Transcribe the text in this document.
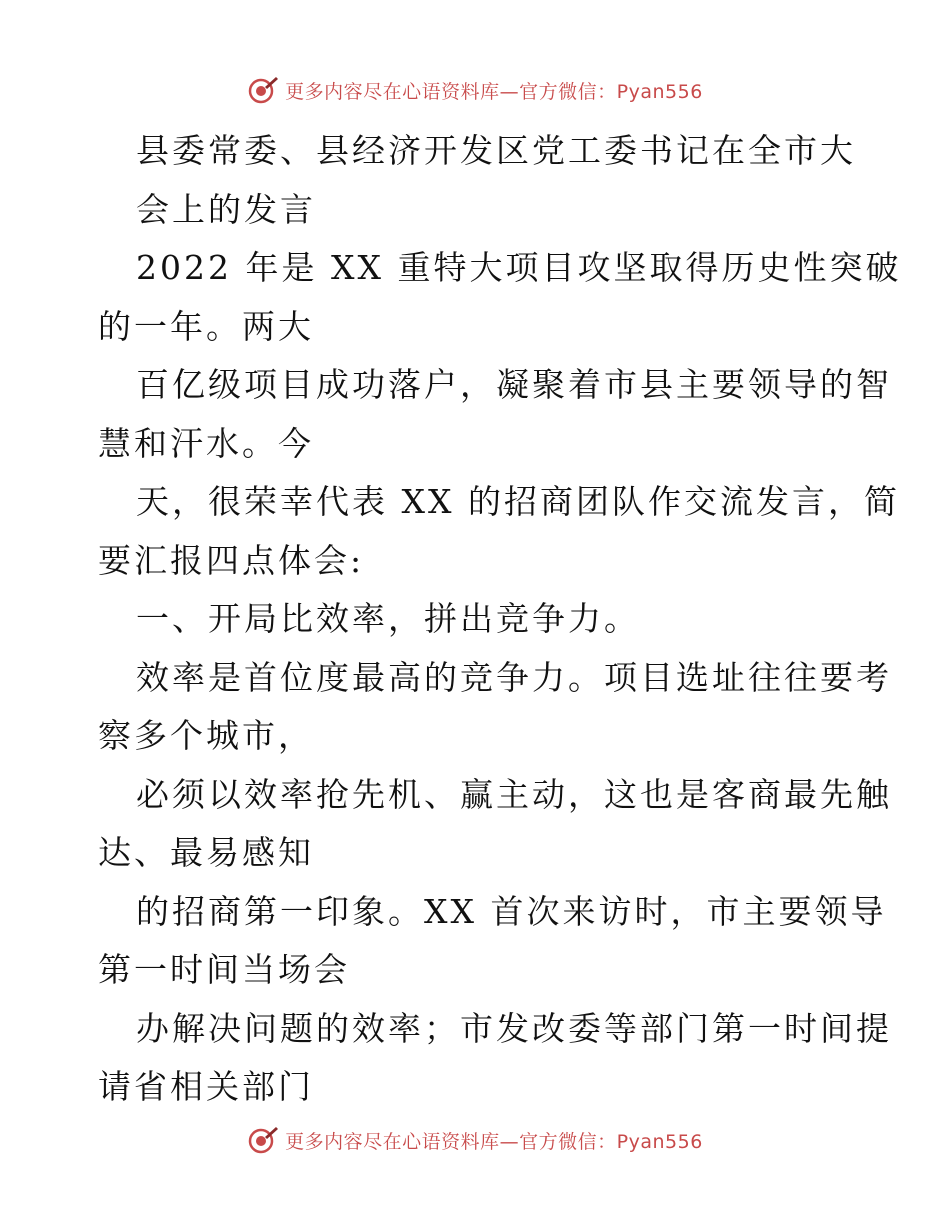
更多内容尽在心语资料库—官方微信：Pyan556
县委常委、县经济开发区党工委书记在全市大
会上的发言
2022 年是 XX 重特大项目攻坚取得历史性突破
的一年。两大
百亿级项目成功落户，凝聚着市县主要领导的智
慧和汗水。今
天，很荣幸代表 XX 的招商团队作交流发言，简
要汇报四点体会:
一、开局比效率，拼出竞争力。
效率是首位度最高的竞争力。项目选址往往要考
察多个城市，
必须以效率抢先机、赢主动，这也是客商最先触
达、最易感知
的招商第一印象。XX 首次来访时，市主要领导
第一时间当场会
办解决问题的效率；市发改委等部门第一时间提
请省相关部门
更多内容尽在心语资料库—官方微信：Pyan556
